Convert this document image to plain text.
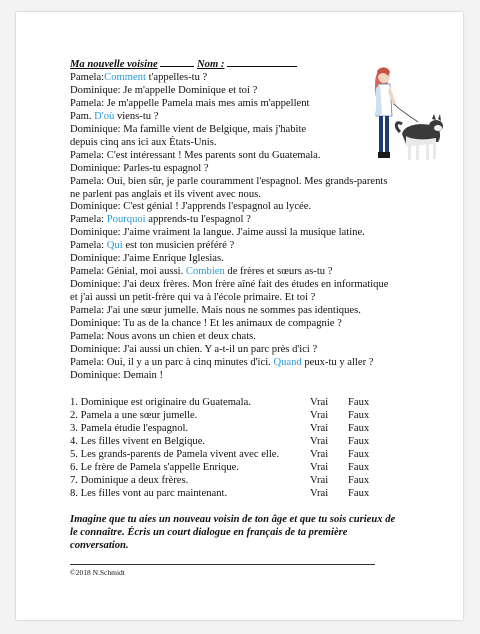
Ma nouvelle voisine	Nom :
Pamela:Comment t'appelles-tu ?
Dominique: Je m'appelle Dominique et toi ?
Pamela: Je m'appelle Pamela mais mes amis m'appellent
Pam. D'où viens-tu ?
Dominique: Ma famille vient de Belgique, mais j'habite
depuis cinq ans ici aux États-Unis.
Pamela: C'est intéressant ! Mes parents sont du Guatemala.
Dominique: Parles-tu espagnol ?
Pamela: Oui, bien sûr, je parle couramment l'espagnol. Mes grands-parents
ne parlent pas anglais et ils vivent avec nous.
Dominique: C'est génial ! J'apprends l'espagnol au lycée.
Pamela: Pourquoi apprends-tu l'espagnol ?
Dominique: J'aime vraiment la langue. J'aime aussi la musique latine.
Pamela: Qui est ton musicien préféré ?
Dominique: J'aime Enrique Iglesias.
Pamela: Génial, moi aussi. Combien de frères et sœurs as-tu ?
Dominique: J'ai deux frères. Mon frère aîné fait des études en informatique
et j'ai aussi un petit-frère qui va à l'école primaire. Et toi ?
Pamela: J'ai une sœur jumelle. Mais nous ne sommes pas identiques.
Dominique: Tu as de la chance ! Et les animaux de compagnie ?
Pamela: Nous avons un chien et deux chats.
Dominique: J'ai aussi un chien. Y a-t-il un parc près d'ici ?
Pamela: Oui, il y a un parc à cinq minutes d'ici. Quand peux-tu y aller ?
Dominique: Demain !
1. Dominique est originaire du Guatemala.	Vrai	Faux
2. Pamela a une sœur jumelle.	Vrai	Faux
3. Pamela étudie l'espagnol.	Vrai	Faux
4. Les filles vivent en Belgique.	Vrai	Faux
5. Les grands-parents de Pamela vivent avec elle.	Vrai	Faux
6. Le frère de Pamela s'appelle Enrique.	Vrai	Faux
7. Dominique a deux frères.	Vrai	Faux
8. Les filles vont au parc maintenant.	Vrai	Faux
Imagine que tu aies un nouveau voisin de ton âge et que tu sois curieux de le connaître. Écris un court dialogue en français de ta première conversation.
©2018 N.Schmidt
